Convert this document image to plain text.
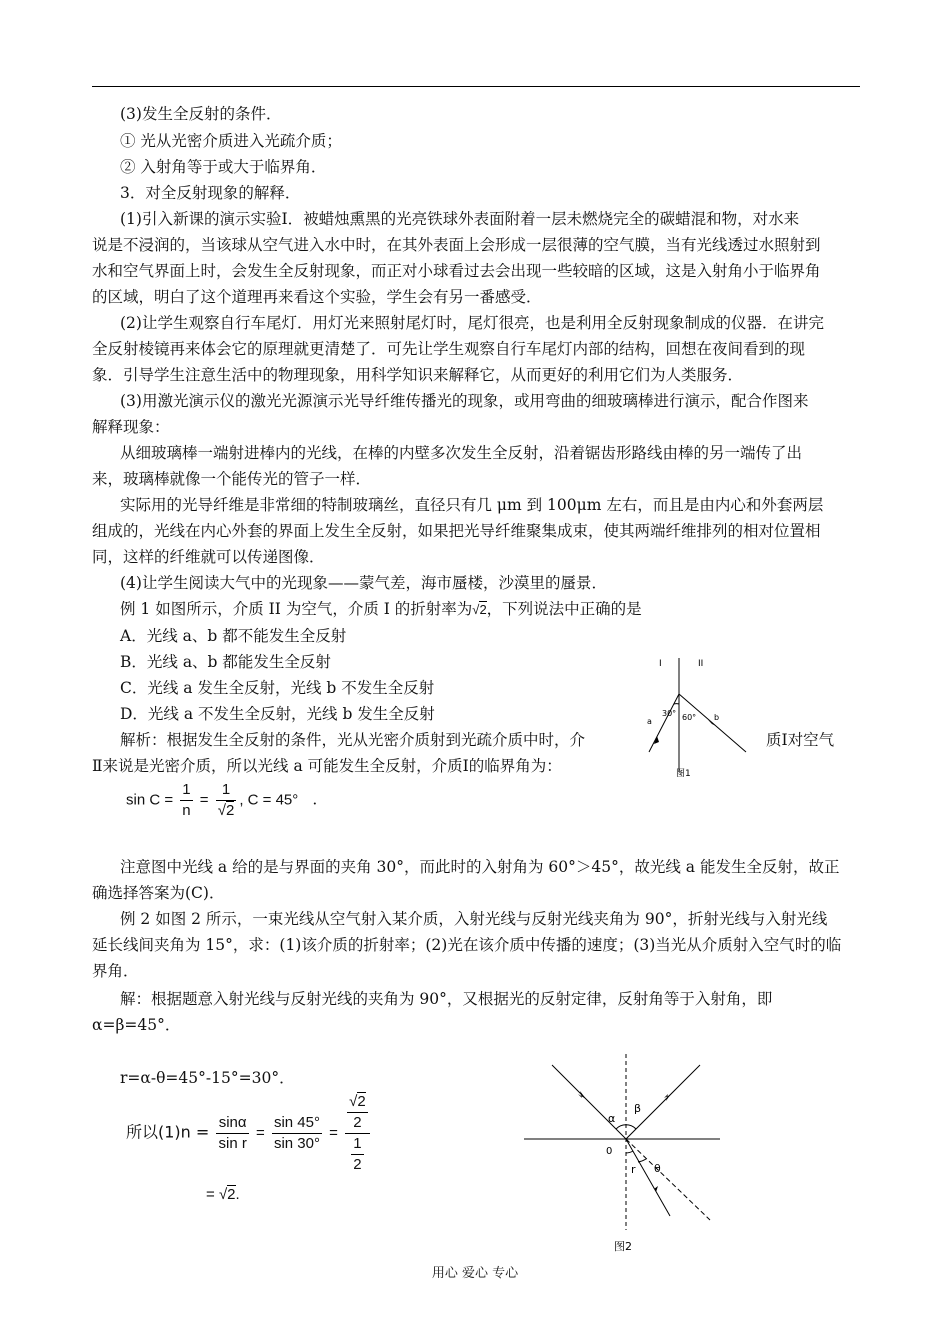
(3)发生全反射的条件．
① 光从光密介质进入光疏介质；
② 入射角等于或大于临界角．
3．对全反射现象的解释．
(1)引入新课的演示实验Ⅰ．被蜡烛熏黑的光亮铁球外表面附着一层未燃烧完全的碳蜡混和物，对水来
说是不浸润的，当该球从空气进入水中时，在其外表面上会形成一层很薄的空气膜，当有光线透过水照射到
水和空气界面上时，会发生全反射现象，而正对小球看过去会出现一些较暗的区域，这是入射角小于临界角
的区域，明白了这个道理再来看这个实验，学生会有另一番感受．
(2)让学生观察自行车尾灯．用灯光来照射尾灯时，尾灯很亮，也是利用全反射现象制成的仪器．在讲完
全反射棱镜再来体会它的原理就更清楚了．可先让学生观察自行车尾灯内部的结构，回想在夜间看到的现
象．引导学生注意生活中的物理现象，用科学知识来解释它，从而更好的利用它们为人类服务．
(3)用激光演示仪的激光光源演示光导纤维传播光的现象，或用弯曲的细玻璃棒进行演示，配合作图来
解释现象：
从细玻璃棒一端射进棒内的光线，在棒的内壁多次发生全反射，沿着锯齿形路线由棒的另一端传了出
来，玻璃棒就像一个能传光的管子一样．
实际用的光导纤维是非常细的特制玻璃丝，直径只有几 μm 到 100μm 左右，而且是由内心和外套两层
组成的，光线在内心外套的界面上发生全反射，如果把光导纤维聚集成束，使其两端纤维排列的相对位置相
同，这样的纤维就可以传递图像．
(4)让学生阅读大气中的光现象——蒙气差，海市蜃楼，沙漠里的蜃景．
例 1 如图所示，介质 II 为空气，介质 I 的折射率为√2，下列说法中正确的是
A．光线 a、b 都不能发生全反射
B．光线 a、b 都能发生全反射
C．光线 a 发生全反射，光线 b 不发生全反射
D．光线 a 不发生全反射，光线 b 发生全反射
解析：根据发生全反射的条件，光从光密介质射到光疏介质中时，介	质Ⅰ对空气
Ⅱ来说是光密介质，所以光线 a 可能发生全反射，介质Ⅰ的临界角为：
$\sin C = \frac{1}{n} = \frac{1}{√2}$ , C = 45° ．
注意图中光线 a 给的是与界面的夹角 30°，而此时的入射角为 60°＞45°，故光线 a 能发生全反射，故正
确选择答案为(C)．
例 2 如图 2 所示，一束光线从空气射入某介质，入射光线与反射光线夹角为 90°，折射光线与入射光线
延长线间夹角为 15°，求：(1)该介质的折射率；(2)光在该介质中传播的速度；(3)当光从介质射入空气时的临
界角．
解：根据题意入射光线与反射光线的夹角为 90°，又根据光的反射定律，反射角等于入射角，即
α=β=45°．
r=α-θ=45°-15°=30°．
所以$(1)n = \frac{\sin\alpha}{\text{sin r}} = \frac{\sin 45^\circ}{\sin 30^\circ} = \frac{\frac{√2}{2}}{\frac{1}{2}}$
= √2.
I	II
30° 60°
a	b
图1
α
β
0
r θ
图2
用心 爱心 专心
